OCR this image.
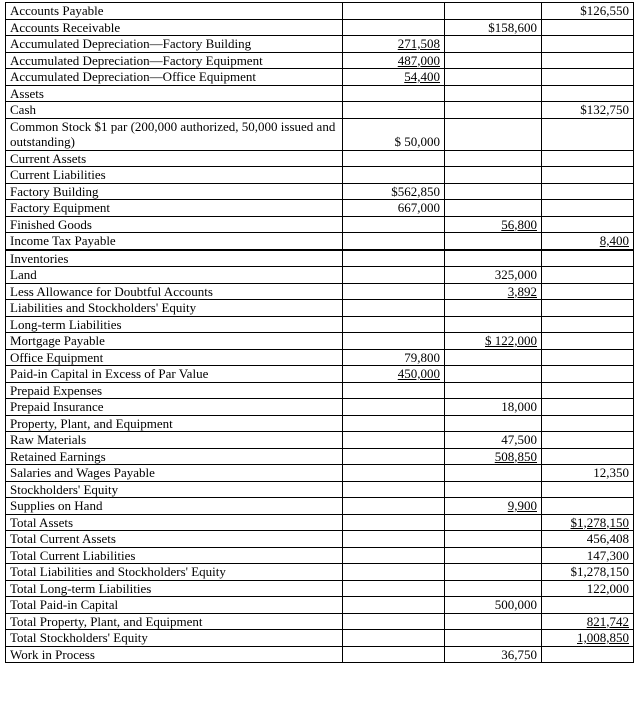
Accounts Payable			$126,550
Accounts Receivable		$158,600	
Accumulated Depreciation—Factory Building	271,508		
Accumulated Depreciation—Factory Equipment	487,000		
Accumulated Depreciation—Office Equipment	54,400		
Assets			
Cash			$132,750
Common Stock $1 par (200,000 authorized, 50,000 issued and outstanding)	$ 50,000		
Current Assets			
Current Liabilities			
Factory Building	$562,850		
Factory Equipment	667,000		
Finished Goods		56,800	
Income Tax Payable			8,400

Inventories			
Land		325,000	
Less Allowance for Doubtful Accounts		3,892	
Liabilities and Stockholders' Equity			
Long-term Liabilities			
Mortgage Payable		$ 122,000	
Office Equipment	79,800		
Paid-in Capital in Excess of Par Value	450,000		
Prepaid Expenses			
Prepaid Insurance		18,000	
Property, Plant, and Equipment			
Raw Materials		47,500	
Retained Earnings		508,850	
Salaries and Wages Payable			12,350
Stockholders' Equity			
Supplies on Hand		9,900	
Total Assets			$1,278,150
Total Current Assets			456,408
Total Current Liabilities			147,300
Total Liabilities and Stockholders' Equity			$1,278,150
Total Long-term Liabilities			122,000
Total Paid-in Capital		500,000	
Total Property, Plant, and Equipment			821,742
Total Stockholders' Equity			1,008,850
Work in Process		36,750	
